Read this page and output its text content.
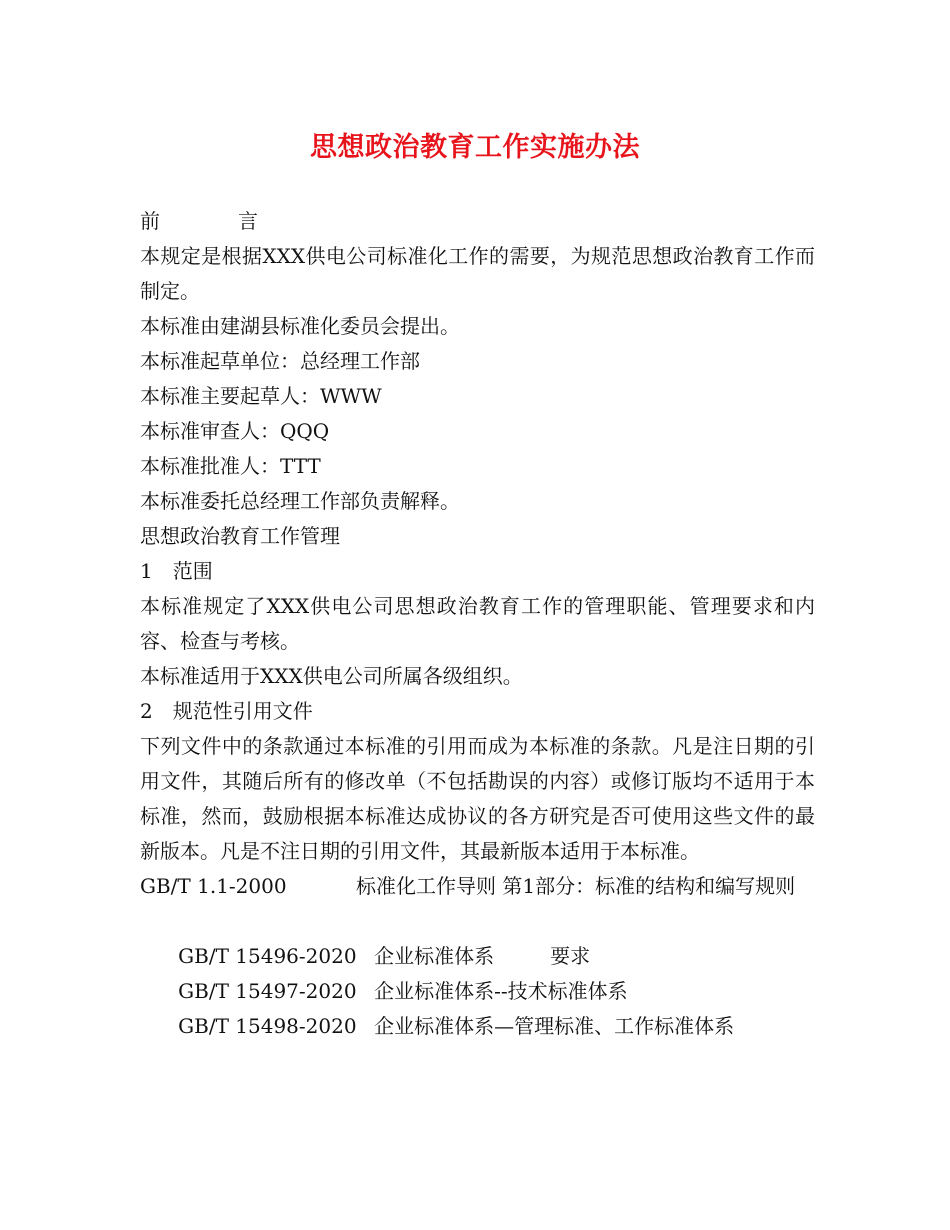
思想政治教育工作实施办法
前	言
本规定是根据XXX供电公司标准化工作的需要，为规范思想政治教育工作而制定。
本标准由建湖县标准化委员会提出。
本标准起草单位：总经理工作部
本标准主要起草人：WWW
本标准审查人：QQQ
本标准批准人：TTT
本标准委托总经理工作部负责解释。
思想政治教育工作管理
1　范围
本标准规定了XXX供电公司思想政治教育工作的管理职能、管理要求和内容、检查与考核。
本标准适用于XXX供电公司所属各级组织。
2　规范性引用文件
下列文件中的条款通过本标准的引用而成为本标准的条款。凡是注日期的引用文件，其随后所有的修改单（不包括勘误的内容）或修订版均不适用于本标准，然而，鼓励根据本标准达成协议的各方研究是否可使用这些文件的最新版本。凡是不注日期的引用文件，其最新版本适用于本标准。
GB/T 1.1-2000	标准化工作导则 第1部分：标准的结构和编写规则

GB/T 15496-2020 企业标准体系	要求

GB/T 15497-2020 企业标准体系--技术标准体系

GB/T 15498-2020 企业标准体系—管理标准、工作标准体系
